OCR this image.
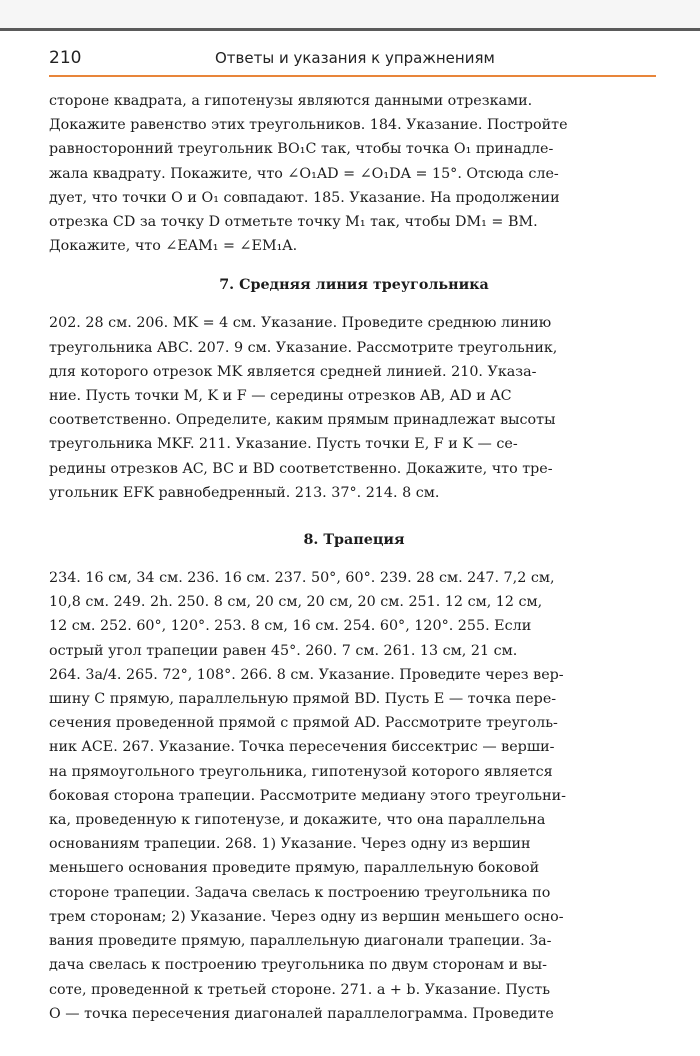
210	Ответы и указания к упражнениям

стороне квадрата, а гипотенузы являются данными отрезками.
Докажите равенство этих треугольников. 184. Указание. Постройте
равносторонний треугольник BO₁C так, чтобы точка O₁ принадле-
жала квадрату. Покажите, что ∠O₁AD = ∠O₁DA = 15°. Отсюда сле-
дует, что точки O и O₁ совпадают. 185. Указание. На продолжении
отрезка CD за точку D отметьте точку M₁ так, чтобы DM₁ = BM.
Докажите, что ∠EAM₁ = ∠EM₁A.

7. Средняя линия треугольника

202. 28 см. 206. MK = 4 см. Указание. Проведите среднюю линию
треугольника ABC. 207. 9 см. Указание. Рассмотрите треугольник,
для которого отрезок MK является средней линией. 210. Указа-
ние. Пусть точки M, K и F — середины отрезков AB, AD и AC
соответственно. Определите, каким прямым принадлежат высоты
треугольника MKF. 211. Указание. Пусть точки E, F и K — се-
редины отрезков AC, BC и BD соответственно. Докажите, что тре-
угольник EFK равнобедренный. 213. 37°. 214. 8 см.

8. Трапеция

234. 16 см, 34 см. 236. 16 см. 237. 50°, 60°. 239. 28 см. 247. 7,2 см,
10,8 см. 249. 2h. 250. 8 см, 20 см, 20 см, 20 см. 251. 12 см, 12 см,
12 см. 252. 60°, 120°. 253. 8 см, 16 см. 254. 60°, 120°. 255. Если
острый угол трапеции равен 45°. 260. 7 см. 261. 13 см, 21 см.
264. 3a/4. 265. 72°, 108°. 266. 8 см. Указание. Проведите через вер-
шину C прямую, параллельную прямой BD. Пусть E — точка пере-
сечения проведенной прямой с прямой AD. Рассмотрите треуголь-
ник ACE. 267. Указание. Точка пересечения биссектрис — верши-
на прямоугольного треугольника, гипотенузой которого является
боковая сторона трапеции. Рассмотрите медиану этого треугольни-
ка, проведенную к гипотенузе, и докажите, что она параллельна
основаниям трапеции. 268. 1) Указание. Через одну из вершин
меньшего основания проведите прямую, параллельную боковой
стороне трапеции. Задача свелась к построению треугольника по
трем сторонам; 2) Указание. Через одну из вершин меньшего осно-
вания проведите прямую, параллельную диагонали трапеции. За-
дача свелась к построению треугольника по двум сторонам и вы-
соте, проведенной к третьей стороне. 271. a + b. Указание. Пусть
O — точка пересечения диагоналей параллелограмма. Проведите
